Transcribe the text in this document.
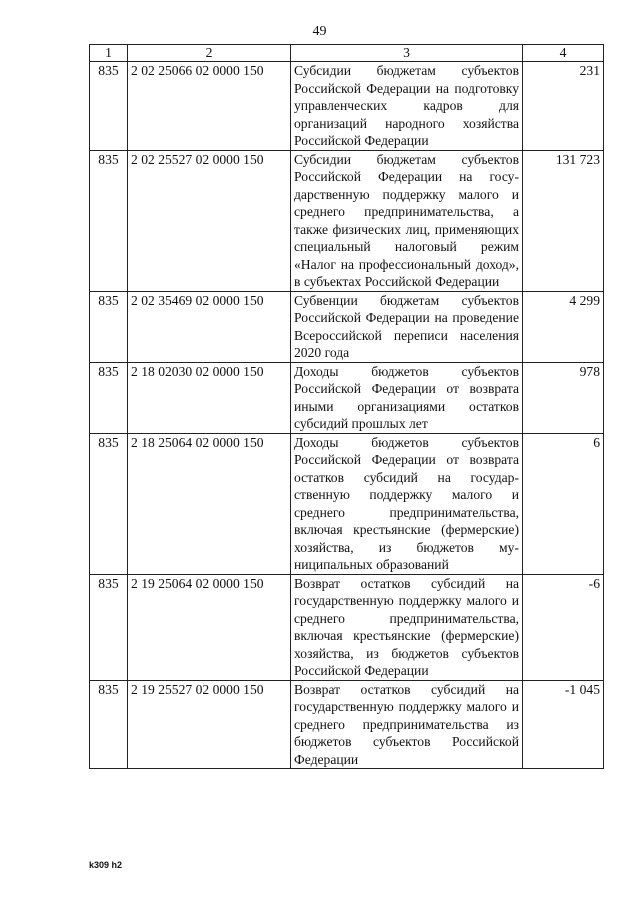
49
1	2	3	4
835	2 02 25066 02 0000 150	Субсидии бюджетам субъектов Российской Федерации на подготовку управленческих кадров для организаций народного хозяйства Российской Федерации	231
835	2 02 25527 02 0000 150	Субсидии бюджетам субъектов Российской Федерации на государственную поддержку малого и среднего предпринимательства, а также физических лиц, применяющих специальный налоговый режим «Налог на профессиональный доход», в субъектах Российской Федерации	131 723
835	2 02 35469 02 0000 150	Субвенции бюджетам субъектов Российской Федерации на проведение Всероссийской переписи населения 2020 года	4 299
835	2 18 02030 02 0000 150	Доходы бюджетов субъектов Российской Федерации от возврата иными организациями остатков субсидий прошлых лет	978
835	2 18 25064 02 0000 150	Доходы бюджетов субъектов Российской Федерации от возврата остатков субсидий на государственную поддержку малого и среднего предпринимательства, включая крестьянские (фермерские) хозяйства, из бюджетов муниципальных образований	6
835	2 19 25064 02 0000 150	Возврат остатков субсидий на государственную поддержку малого и среднего предпринимательства, включая крестьянские (фермерские) хозяйства, из бюджетов субъектов Российской Федерации	-6
835	2 19 25527 02 0000 150	Возврат остатков субсидий на государственную поддержку малого и среднего предпринимательства из бюджетов субъектов Российской Федерации	-1 045
k309 h2
